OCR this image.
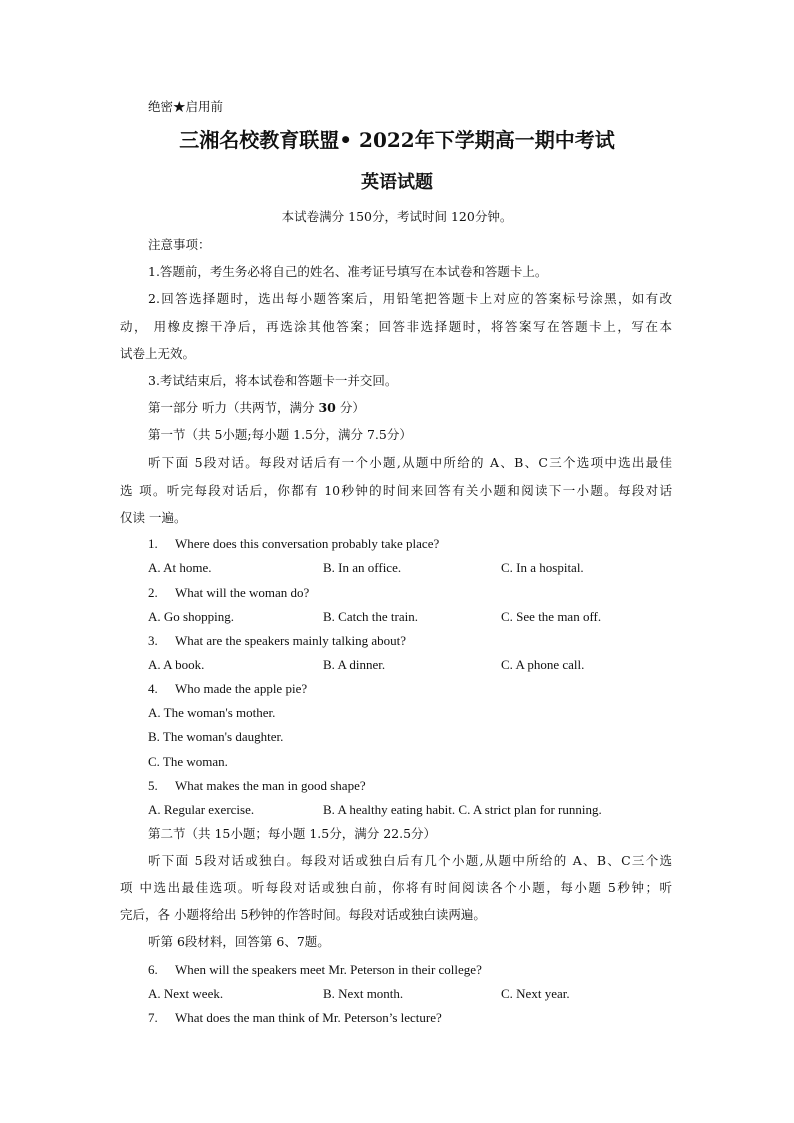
绝密★启用前
三湘名校教育联盟• 2022年下学期高一期中考试
英语试题
本试卷满分 150分，考试时间 120分钟。
注意事项：
1.答题前，考生务必将自己的姓名、准考证号填写在本试卷和答题卡上。
2.回答选择题时，选出每小题答案后，用铅笔把答题卡上对应的答案标号涂黑，如有改
动， 用橡皮擦干净后，再选涂其他答案；回答非选择题时，将答案写在答题卡上，写在本
试卷上无效。
3.考试结束后，将本试卷和答题卡一并交回。
第一部分 听力（共两节，满分 30 分）
第一节（共 5小题;每小题 1.5分，满分 7.5分）
听下面 5段对话。每段对话后有一个小题,从题中所给的 A、B、C三个选项中选出最佳
选 项。听完每段对话后，你都有 10秒钟的时间来回答有关小题和阅读下一小题。每段对话
仅读 一遍。
1. Where does this conversation probably take place?
A. At home.	B. In an office.	C. In a hospital.
2. What will the woman do?
A. Go shopping.	B. Catch the train.	C. See the man off.
3. What are the speakers mainly talking about?
A. A book.	B. A dinner.	C. A phone call.
4. Who made the apple pie?
A. The woman's mother.
B. The woman's daughter.
C. The woman.
5. What makes the man in good shape?
A. Regular exercise.	B. A healthy eating habit. C. A strict plan for running.
第二节（共 15小题；每小题 1.5分，满分 22.5分）
听下面 5段对话或独白。每段对话或独白后有几个小题,从题中所给的 A、B、C三个选
项 中选出最佳选项。听每段对话或独白前，你将有时间阅读各个小题，每小题 5秒钟；听
完后，各 小题将给出 5秒钟的作答时间。每段对话或独白读两遍。
听第 6段材料，回答第 6、7题。
6. When will the speakers meet Mr. Peterson in their college?
A. Next week.	B. Next month.	C. Next year.
7. What does the man think of Mr. Peterson’s lecture?
